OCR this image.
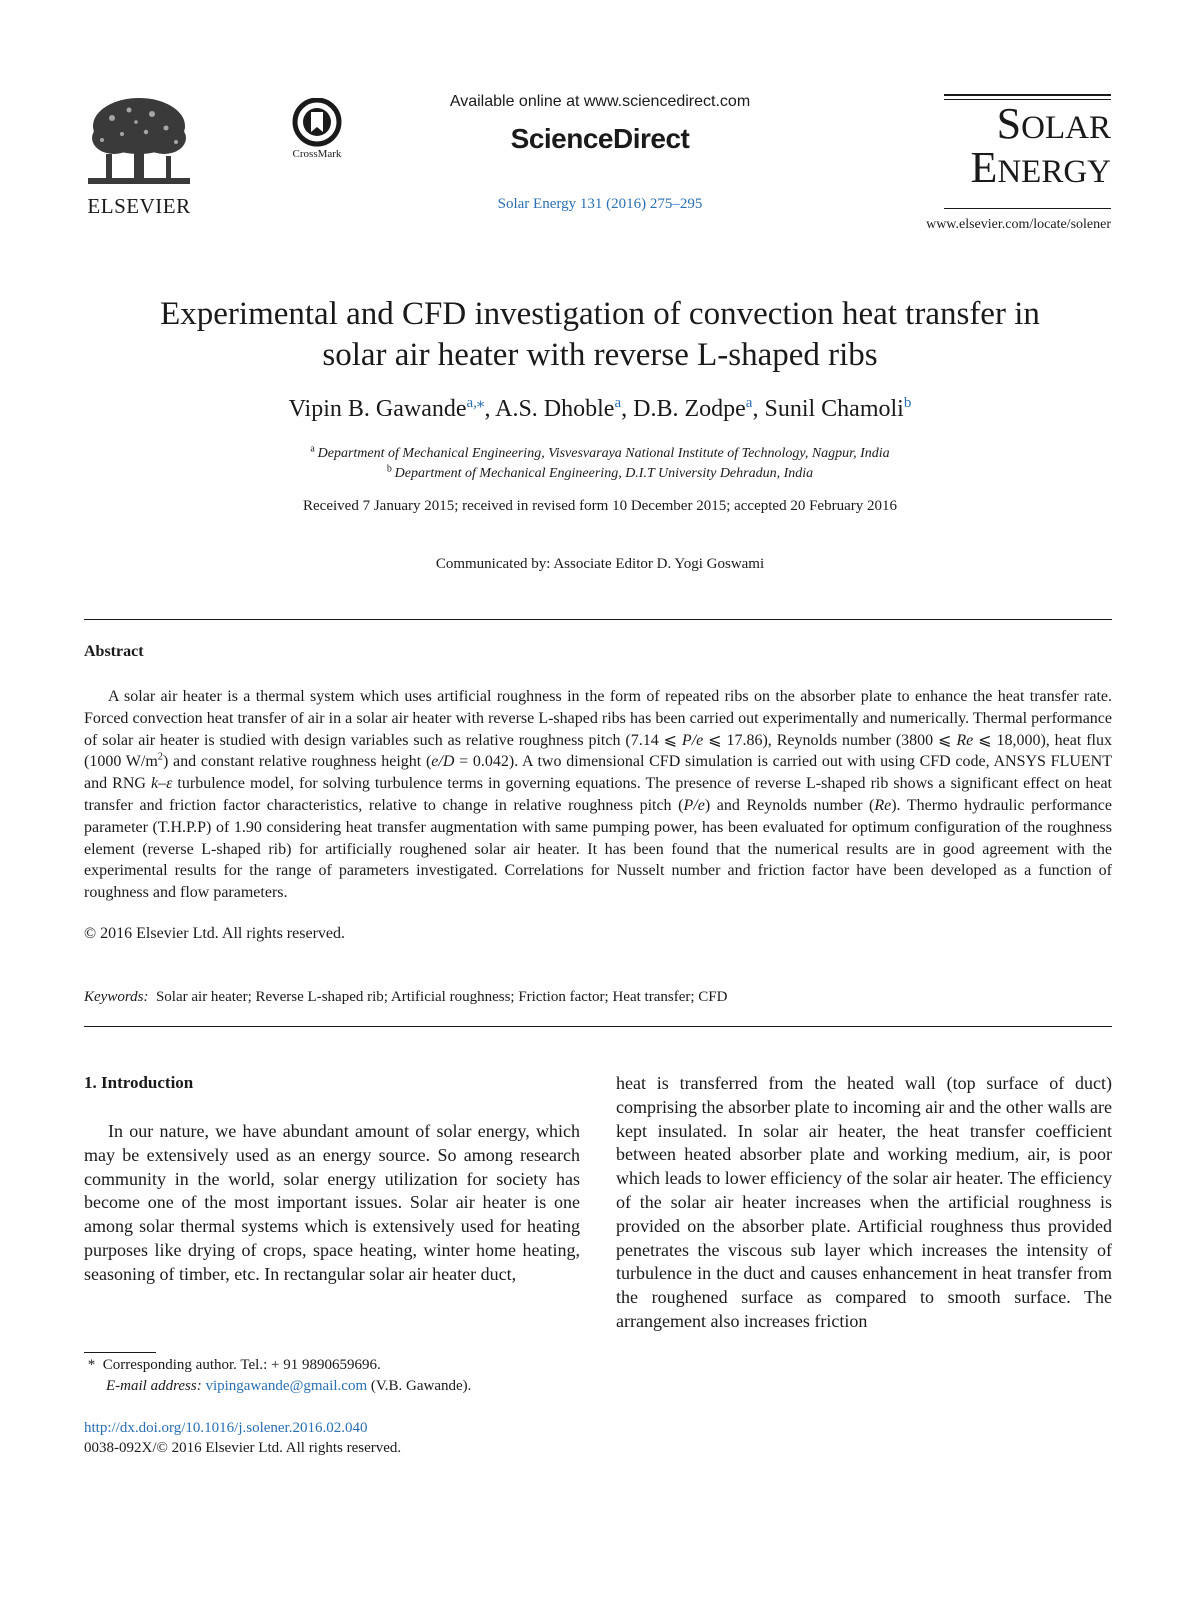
ELSEVIER
CrossMark
Available online at www.sciencedirect.com
ScienceDirect
Solar Energy 131 (2016) 275–295
SOLAR
ENERGY
www.elsevier.com/locate/solener
Experimental and CFD investigation of convection heat transfer in
solar air heater with reverse L-shaped ribs
Vipin B. Gawande$^{a,⁎}$, A.S. Dhoble$^a$, D.B. Zodpe$^a$, Sunil Chamoli$^b$
$^a$  Department of Mechanical Engineering, Visvesvaraya National Institute of Technology, Nagpur, India
$^b$  Department of Mechanical Engineering, D.I.T University Dehradun, India
Received 7 January 2015; received in revised form 10 December 2015; accepted 20 February 2016
Communicated by: Associate Editor D. Yogi Goswami
Abstract
A solar air heater is a thermal system which uses artificial roughness in the form of repeated ribs on the absorber plate to enhance the heat transfer rate. Forced convection heat transfer of air in a solar air heater with reverse L-shaped ribs has been carried out experimentally and numerically. Thermal performance of solar air heater is studied with design variables such as relative roughness pitch (7.14 ⩽ P/e ⩽ 17.86), Reynolds number (3800 ⩽ Re ⩽ 18,000), heat flux (1000 $W/m^2$) and constant relative roughness height (e/D = 0.042). A two dimensional CFD simulation is carried out with using CFD code, ANSYS FLUENT and RNG k–ε turbulence model, for solving turbulence terms in governing equations. The presence of reverse L-shaped rib shows a significant effect on heat transfer and friction factor characteristics, relative to change in relative roughness pitch (P/e) and Reynolds number (Re). Thermo hydraulic performance parameter (T.H.P.P) of 1.90 considering heat transfer augmentation with same pumping power, has been evaluated for optimum configuration of the roughness element (reverse L-shaped rib) for artificially roughened solar air heater. It has been found that the numerical results are in good agreement with the experimental results for the range of parameters investigated. Correlations for Nusselt number and friction factor have been developed as a function of roughness and flow parameters.
© 2016 Elsevier Ltd. All rights reserved.
Keywords: Solar air heater; Reverse L-shaped rib; Artificial roughness; Friction factor; Heat transfer; CFD
1. Introduction
In our nature, we have abundant amount of solar energy, which may be extensively used as an energy source. So among research community in the world, solar energy utilization for society has become one of the most important issues. Solar air heater is one among solar thermal systems which is extensively used for heating purposes like drying of crops, space heating, winter home heating, seasoning of timber, etc. In rectangular solar air heater duct,
heat is transferred from the heated wall (top surface of duct) comprising the absorber plate to incoming air and the other walls are kept insulated. In solar air heater, the heat transfer coefficient between heated absorber plate and working medium, air, is poor which leads to lower efficiency of the solar air heater. The efficiency of the solar air heater increases when the artificial roughness is provided on the absorber plate. Artificial roughness thus provided penetrates the viscous sub layer which increases the intensity of turbulence in the duct and causes enhancement in heat transfer from the roughened surface as compared to smooth surface. The arrangement also increases friction
* Corresponding author. Tel.: + 91 9890659696.
E-mail address: vipingawande@gmail.com (V.B. Gawande).
http://dx.doi.org/10.1016/j.solener.2016.02.040
0038-092X/© 2016 Elsevier Ltd. All rights reserved.
